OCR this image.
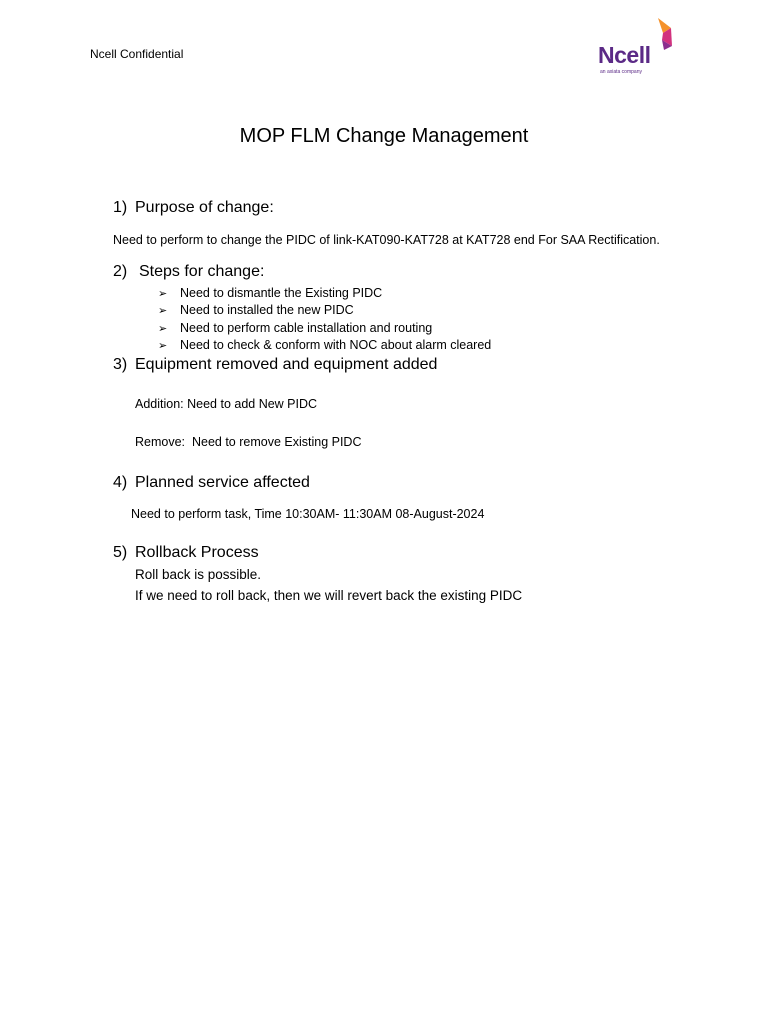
Ncell Confidential	Ncell
an axiata company
MOP FLM Change Management
1) Purpose of change:
Need to perform to change the PIDC of link-KAT090-KAT728 at KAT728 end For SAA Rectification.
2) Steps for change:
➢ Need to dismantle the Existing PIDC
➢ Need to installed the new PIDC
➢ Need to perform cable installation and routing
➢ Need to check & conform with NOC about alarm cleared
3) Equipment removed and equipment added
Addition: Need to add New PIDC
Remove:  Need to remove Existing PIDC
4) Planned service affected
Need to perform task, Time 10:30AM- 11:30AM 08-August-2024
5) Rollback Process
Roll back is possible.
If we need to roll back, then we will revert back the existing PIDC
